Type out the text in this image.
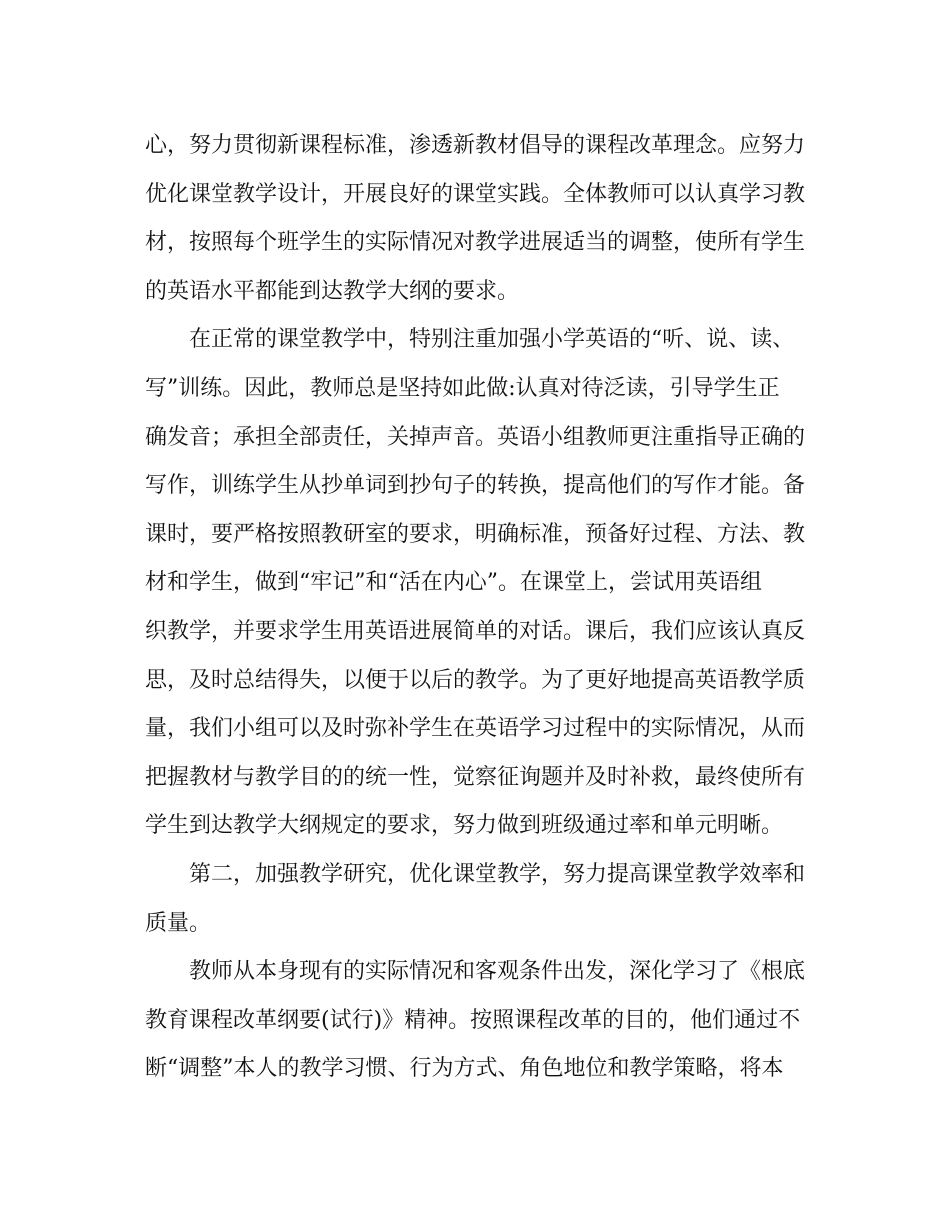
心，努力贯彻新课程标准，渗透新教材倡导的课程改革理念。应努力
优化课堂教学设计，开展良好的课堂实践。全体教师可以认真学习教
材，按照每个班学生的实际情况对教学进展适当的调整，使所有学生
的英语水平都能到达教学大纲的要求。
在正常的课堂教学中，特别注重加强小学英语的“听、说、读、
写”训练。因此，教师总是坚持如此做:认真对待泛读，引导学生正
确发音；承担全部责任，关掉声音。英语小组教师更注重指导正确的
写作，训练学生从抄单词到抄句子的转换，提高他们的写作才能。备
课时，要严格按照教研室的要求，明确标准，预备好过程、方法、教
材和学生，做到“牢记”和“活在内心”。在课堂上，尝试用英语组
织教学，并要求学生用英语进展简单的对话。课后，我们应该认真反
思，及时总结得失，以便于以后的教学。为了更好地提高英语教学质
量，我们小组可以及时弥补学生在英语学习过程中的实际情况，从而
把握教材与教学目的的统一性，觉察征询题并及时补救，最终使所有
学生到达教学大纲规定的要求，努力做到班级通过率和单元明晰。
第二，加强教学研究，优化课堂教学，努力提高课堂教学效率和
质量。
教师从本身现有的实际情况和客观条件出发，深化学习了《根底
教育课程改革纲要(试行)》精神。按照课程改革的目的，他们通过不
断“调整”本人的教学习惯、行为方式、角色地位和教学策略，将本
